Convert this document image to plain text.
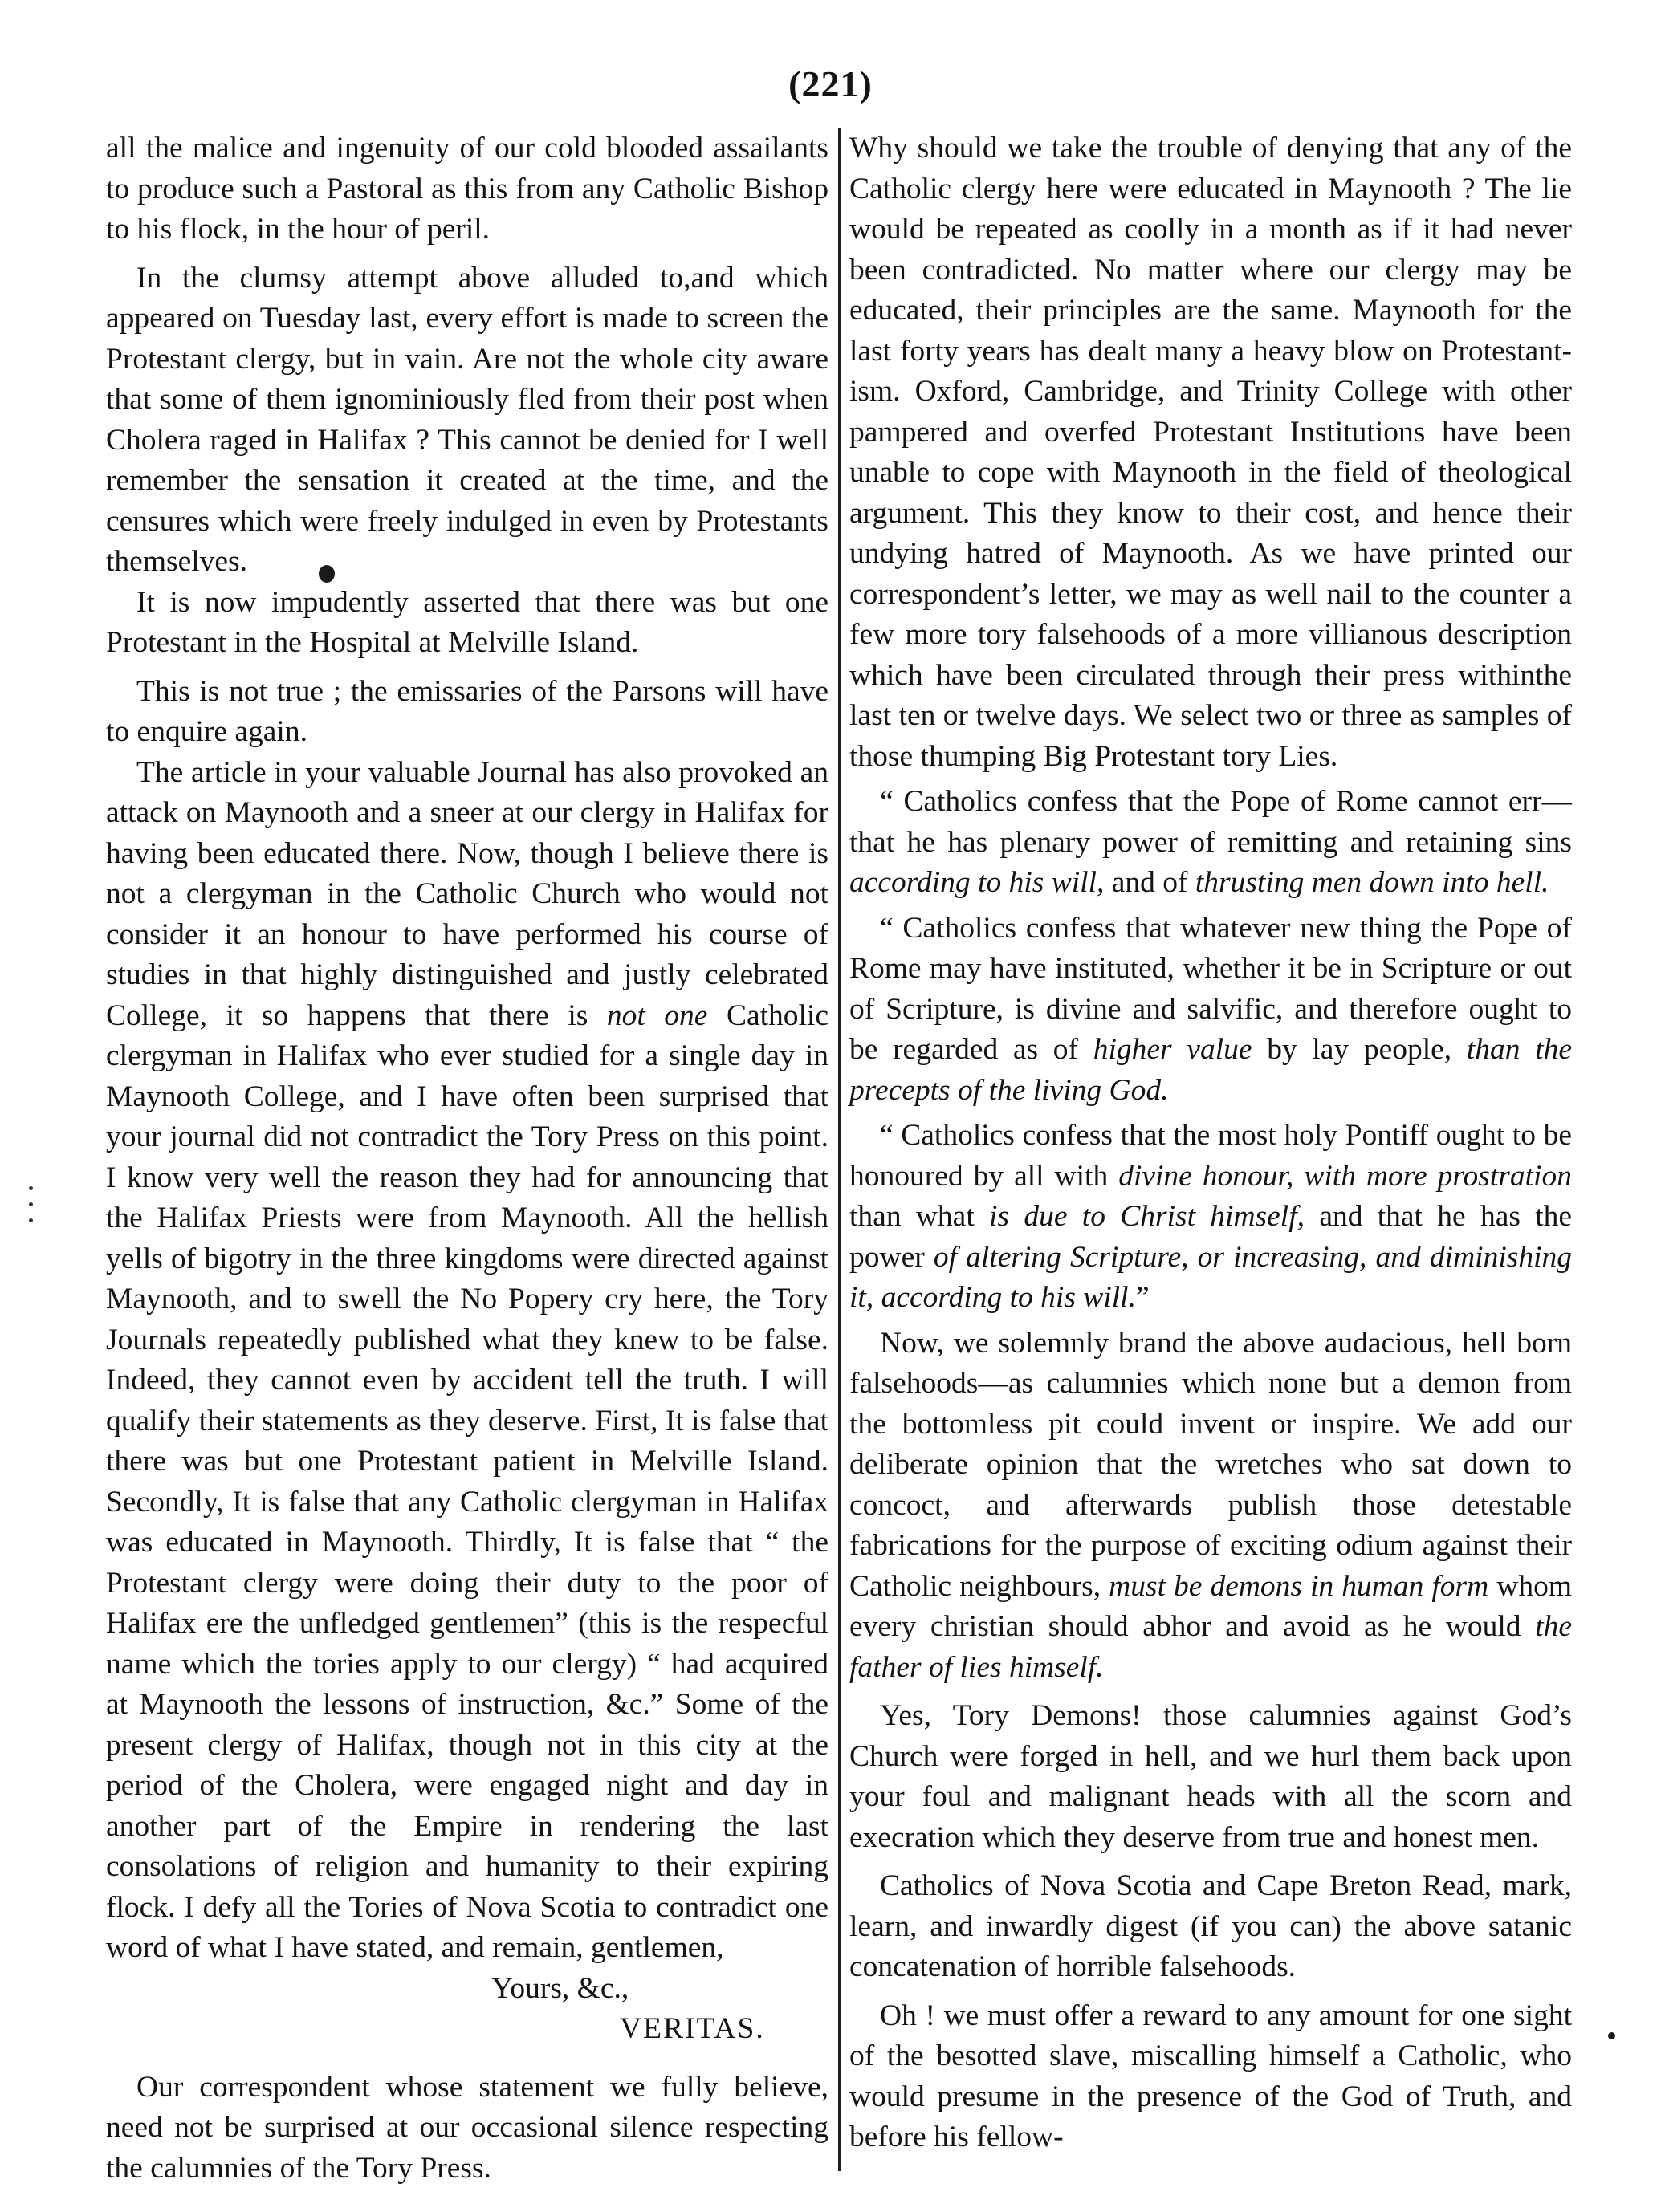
(221)

all the malice and ingenuity of our cold blooded assailants to produce such a Pastoral as this from any Catholic Bishop to his flock, in the hour of peril.

In the clumsy attempt above alluded to,and which appeared on Tuesday last, every effort is made to screen the Protestant clergy, but in vain. Are not the whole city aware that some of them ignominiously fled from their post when Cholera raged in Halifax ? This cannot be denied for I well remember the sensation it created at the time, and the censures which were freely indulged in even by Protestants themselves.

It is now impudently asserted that there was but one Protestant in the Hospital at Melville Island.

This is not true ; the emissaries of the Parsons will have to enquire again.

The article in your valuable Journal has also provoked an attack on Maynooth and a sneer at our clergy in Halifax for having been educated there. Now, though I believe there is not a clergyman in the Catholic Church who would not consider it an honour to have performed his course of studies in that highly distinguished and justly celebrated College, it so happens that there is not one Catholic clergyman in Halifax who ever studied for a single day in Maynooth College, and I have often been surprised that your journal did not contradict the Tory Press on this point. I know very well the reason they had for announcing that the Halifax Priests were from Maynooth. All the hellish yells of bigotry in the three kingdoms were directed against Maynooth, and to swell the No Popery cry here, the Tory Journals repeatedly published what they knew to be false. Indeed, they cannot even by accident tell the truth. I will qualify their statements as they deserve. First, It is false that there was but one Protestant patient in Melville Island. Secondly, It is false that any Catholic clergyman in Halifax was educated in Maynooth. Thirdly, It is false that “ the Protestant clergy were doing their duty to the poor of Halifax ere the unfledged gentlemen” (this is the respecful name which the tories apply to our clergy) “ had acquired at Maynooth the lessons of instruction, &c.” Some of the present clergy of Halifax, though not in this city at the period of the Cholera, were engaged night and day in another part of the Empire in rendering the last consolations of religion and humanity to their expiring flock. I defy all the Tories of Nova Scotia to contradict one word of what I have stated, and remain, gentlemen,

Yours, &c.,

VERITAS.

Our correspondent whose statement we fully believe, need not be surprised at our occasional silence respecting the calumnies of the Tory Press.

Why should we take the trouble of denying that any of the Catholic clergy here were educated in Maynooth ? The lie would be repeated as coolly in a month as if it had never been contradicted. No matter where our clergy may be educated, their principles are the same. Maynooth for the last forty years has dealt many a heavy blow on Protestantism. Oxford, Cambridge, and Trinity College with other pampered and overfed Protestant Institutions have been unable to cope with Maynooth in the field of theological argument. This they know to their cost, and hence their undying hatred of Maynooth. As we have printed our correspondent’s letter, we may as well nail to the counter a few more tory falsehoods of a more villianous description which have been circulated through their press withinthe last ten or twelve days. We select two or three as samples of those thumping Big Protestant tory Lies.

“ Catholics confess that the Pope of Rome cannot err—that he has plenary power of remitting and retaining sins according to his will, and of thrusting men down into hell.

“ Catholics confess that whatever new thing the Pope of Rome may have instituted, whether it be in Scripture or out of Scripture, is divine and salvific, and therefore ought to be regarded as of higher value by lay people, than the precepts of the living God.

“ Catholics confess that the most holy Pontiff ought to be honoured by all with divine honour, with more prostration than what is due to Christ himself, and that he has the power of altering Scripture, or increasing, and diminishing it, according to his will.”

Now, we solemnly brand the above audacious, hell born falsehoods—as calumnies which none but a demon from the bottomless pit could invent or inspire. We add our deliberate opinion that the wretches who sat down to concoct, and afterwards publish those detestable fabrications for the purpose of exciting odium against their Catholic neighbours, must be demons in human form whom every christian should abhor and avoid as he would the father of lies himself.

Yes, Tory Demons! those calumnies against God’s Church were forged in hell, and we hurl them back upon your foul and malignant heads with all the scorn and execration which they deserve from true and honest men.

Catholics of Nova Scotia and Cape Breton Read, mark, learn, and inwardly digest (if you can) the above satanic concatenation of horrible falsehoods.

Oh ! we must offer a reward to any amount for one sight of the besotted slave, miscalling himself a Catholic, who would presume in the presence of the God of Truth, and before his fellow-
